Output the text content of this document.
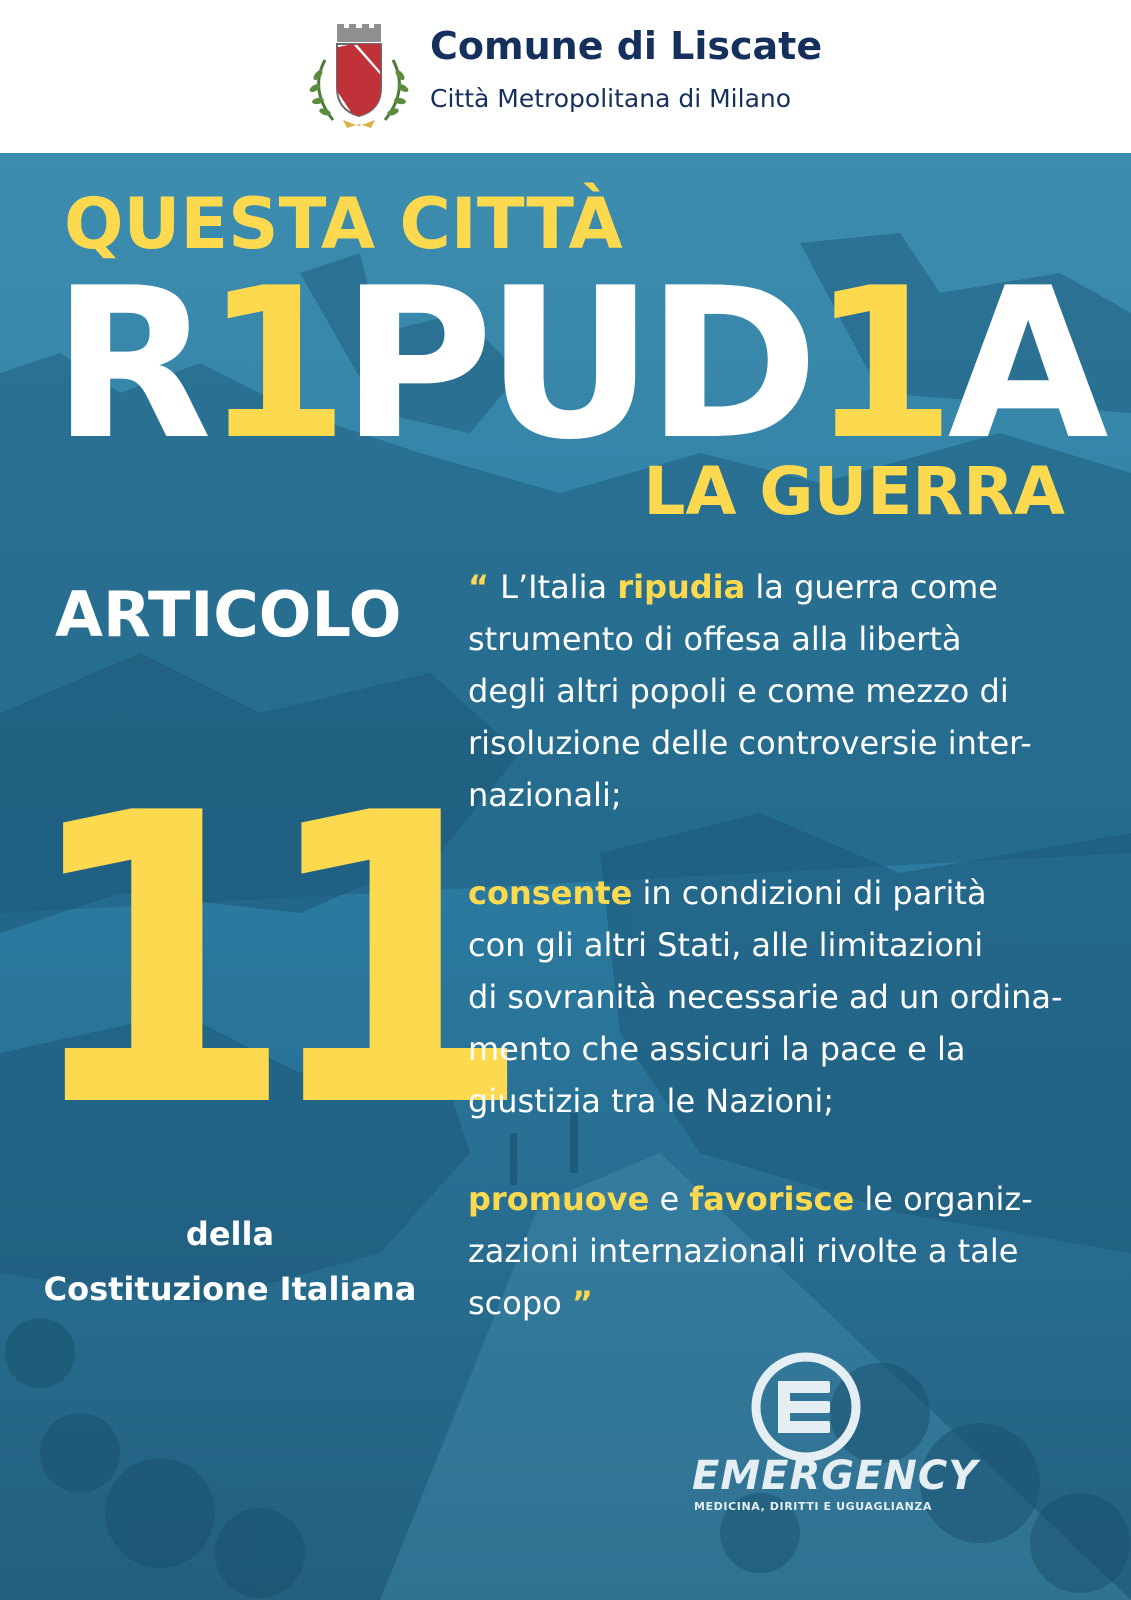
Comune di Liscate
Città Metropolitana di Milano
QUESTA CITTÀ
R1PUD1A
LA GUERRA
ARTICOLO
11
della
Costituzione Italiana
“ L’Italia ripudia la guerra come
strumento di offesa alla libertà
degli altri popoli e come mezzo di
risoluzione delle controversie inter-
nazionali;
consente in condizioni di parità
con gli altri Stati, alle limitazioni
di sovranità necessarie ad un ordina-
mento che assicuri la pace e la
giustizia tra le Nazioni;
promuove e favorisce le organiz-
zazioni internazionali rivolte a tale
scopo ”
EMERGENCY
MEDICINA, DIRITTI E UGUAGLIANZA
